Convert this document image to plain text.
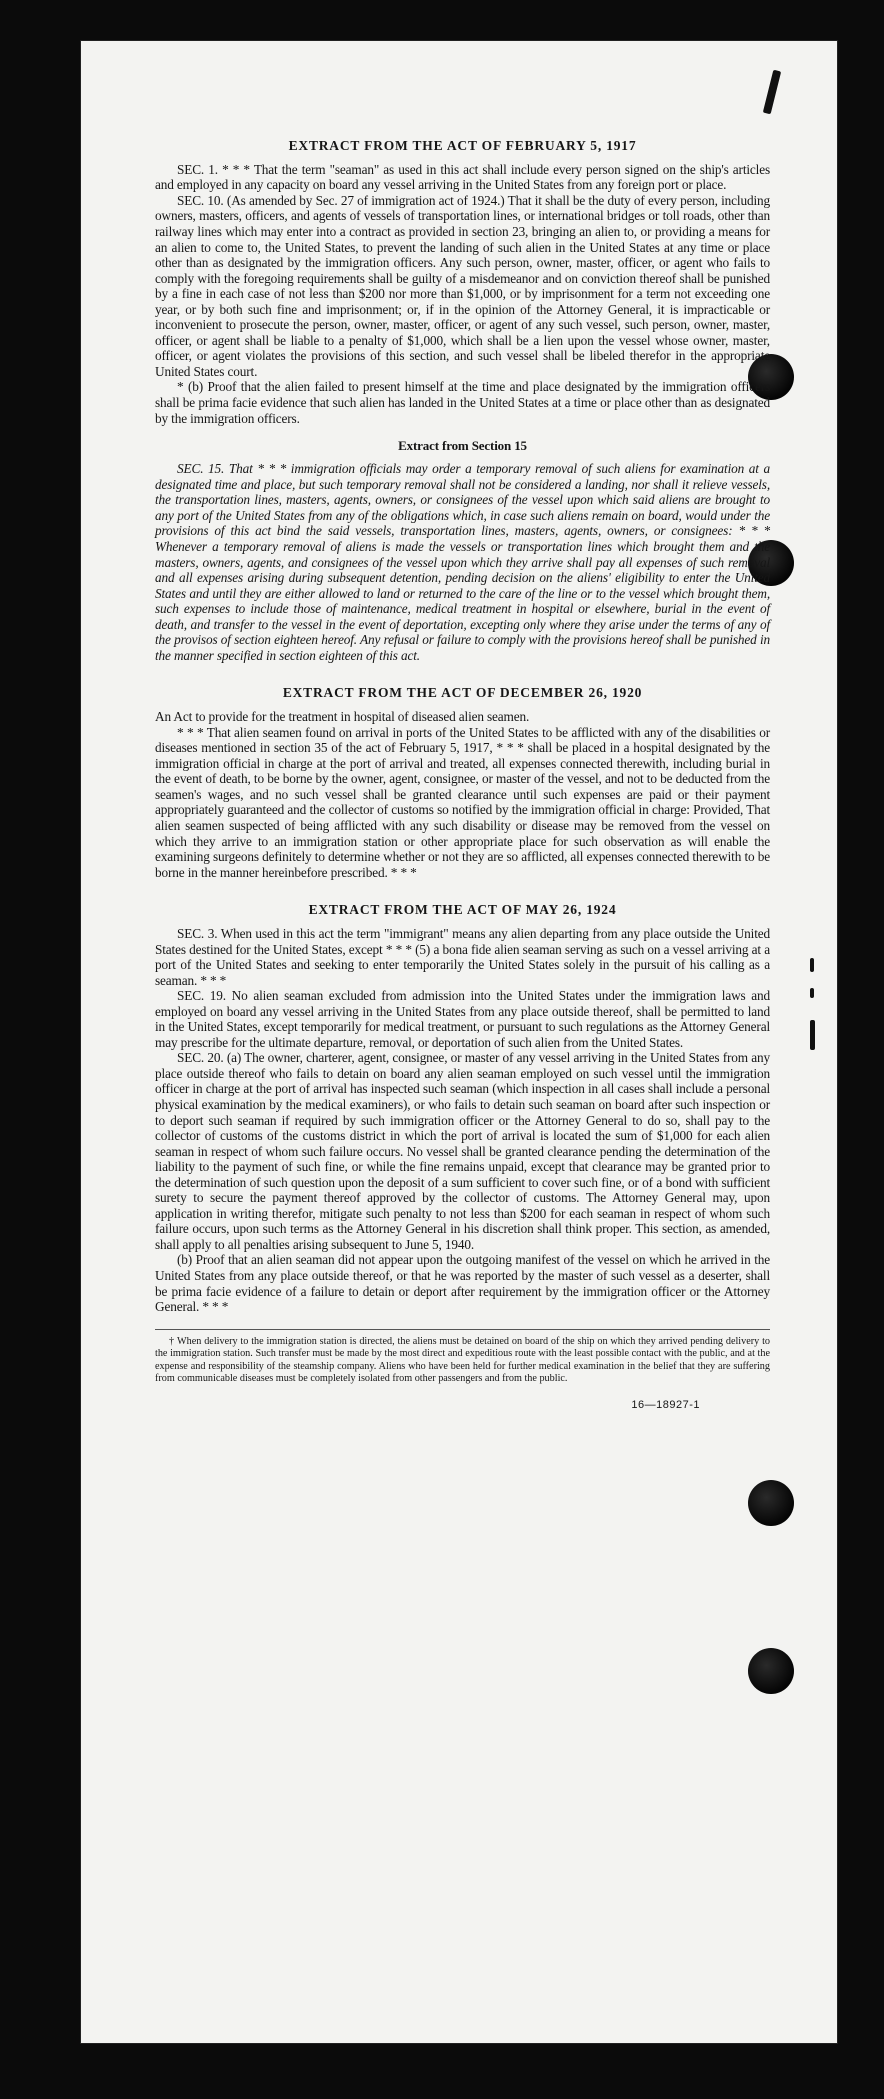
EXTRACT FROM THE ACT OF FEBRUARY 5, 1917

SEC. 1. * * * That the term "seaman" as used in this act shall include every person signed on the ship's articles and employed in any capacity on board any vessel arriving in the United States from any foreign port or place.

SEC. 10. (As amended by Sec. 27 of immigration act of 1924.) That it shall be the duty of every person, including owners, masters, officers, and agents of vessels of transportation lines, or international bridges or toll roads, other than railway lines which may enter into a contract as provided in section 23, bringing an alien to, or providing a means for an alien to come to, the United States, to prevent the landing of such alien in the United States at any time or place other than as designated by the immigration officers. Any such person, owner, master, officer, or agent who fails to comply with the foregoing requirements shall be guilty of a misdemeanor and on conviction thereof shall be punished by a fine in each case of not less than $200 nor more than $1,000, or by imprisonment for a term not exceeding one year, or by both such fine and imprisonment; or, if in the opinion of the Attorney General, it is impracticable or inconvenient to prosecute the person, owner, master, officer, or agent of any such vessel, such person, owner, master, officer, or agent shall be liable to a penalty of $1,000, which shall be a lien upon the vessel whose owner, master, officer, or agent violates the provisions of this section, and such vessel shall be libeled therefor in the appropriate United States court.

* (b) Proof that the alien failed to present himself at the time and place designated by the immigration officers shall be prima facie evidence that such alien has landed in the United States at a time or place other than as designated by the immigration officers.

Extract from Section 15

SEC. 15. That * * * immigration officials may order a temporary removal of such aliens for examination at a designated time and place, but such temporary removal shall not be considered a landing, nor shall it relieve vessels, the transportation lines, masters, agents, owners, or consignees of the vessel upon which said aliens are brought to any port of the United States from any of the obligations which, in case such aliens remain on board, would under the provisions of this act bind the said vessels, transportation lines, masters, agents, owners, or consignees: * * * Whenever a temporary removal of aliens is made the vessels or transportation lines which brought them and the masters, owners, agents, and consignees of the vessel upon which they arrive shall pay all expenses of such removal and all expenses arising during subsequent detention, pending decision on the aliens' eligibility to enter the United States and until they are either allowed to land or returned to the care of the line or to the vessel which brought them, such expenses to include those of maintenance, medical treatment in hospital or elsewhere, burial in the event of death, and transfer to the vessel in the event of deportation, excepting only where they arise under the terms of any of the provisos of section eighteen hereof. Any refusal or failure to comply with the provisions hereof shall be punished in the manner specified in section eighteen of this act.

EXTRACT FROM THE ACT OF DECEMBER 26, 1920

An Act to provide for the treatment in hospital of diseased alien seamen.

* * * That alien seamen found on arrival in ports of the United States to be afflicted with any of the disabilities or diseases mentioned in section 35 of the act of February 5, 1917, * * * shall be placed in a hospital designated by the immigration official in charge at the port of arrival and treated, all expenses connected therewith, including burial in the event of death, to be borne by the owner, agent, consignee, or master of the vessel, and not to be deducted from the seamen's wages, and no such vessel shall be granted clearance until such expenses are paid or their payment appropriately guaranteed and the collector of customs so notified by the immigration official in charge: Provided, That alien seamen suspected of being afflicted with any such disability or disease may be removed from the vessel on which they arrive to an immigration station or other appropriate place for such observation as will enable the examining surgeons definitely to determine whether or not they are so afflicted, all expenses connected therewith to be borne in the manner hereinbefore prescribed. * * *

EXTRACT FROM THE ACT OF MAY 26, 1924

SEC. 3. When used in this act the term "immigrant" means any alien departing from any place outside the United States destined for the United States, except * * * (5) a bona fide alien seaman serving as such on a vessel arriving at a port of the United States and seeking to enter temporarily the United States solely in the pursuit of his calling as a seaman. * * *

SEC. 19. No alien seaman excluded from admission into the United States under the immigration laws and employed on board any vessel arriving in the United States from any place outside thereof, shall be permitted to land in the United States, except temporarily for medical treatment, or pursuant to such regulations as the Attorney General may prescribe for the ultimate departure, removal, or deportation of such alien from the United States.

SEC. 20. (a) The owner, charterer, agent, consignee, or master of any vessel arriving in the United States from any place outside thereof who fails to detain on board any alien seaman employed on such vessel until the immigration officer in charge at the port of arrival has inspected such seaman (which inspection in all cases shall include a personal physical examination by the medical examiners), or who fails to detain such seaman on board after such inspection or to deport such seaman if required by such immigration officer or the Attorney General to do so, shall pay to the collector of customs of the customs district in which the port of arrival is located the sum of $1,000 for each alien seaman in respect of whom such failure occurs. No vessel shall be granted clearance pending the determination of the liability to the payment of such fine, or while the fine remains unpaid, except that clearance may be granted prior to the determination of such question upon the deposit of a sum sufficient to cover such fine, or of a bond with sufficient surety to secure the payment thereof approved by the collector of customs. The Attorney General may, upon application in writing therefor, mitigate such penalty to not less than $200 for each seaman in respect of whom such failure occurs, upon such terms as the Attorney General in his discretion shall think proper. This section, as amended, shall apply to all penalties arising subsequent to June 5, 1940.

(b) Proof that an alien seaman did not appear upon the outgoing manifest of the vessel on which he arrived in the United States from any place outside thereof, or that he was reported by the master of such vessel as a deserter, shall be prima facie evidence of a failure to detain or deport after requirement by the immigration officer or the Attorney General. * * *

† When delivery to the immigration station is directed, the aliens must be detained on board of the ship on which they arrived pending delivery to the immigration station. Such transfer must be made by the most direct and expeditious route with the least possible contact with the public, and at the expense and responsibility of the steamship company. Aliens who have been held for further medical examination in the belief that they are suffering from communicable diseases must be completely isolated from other passengers and from the public.

16—18927-1
